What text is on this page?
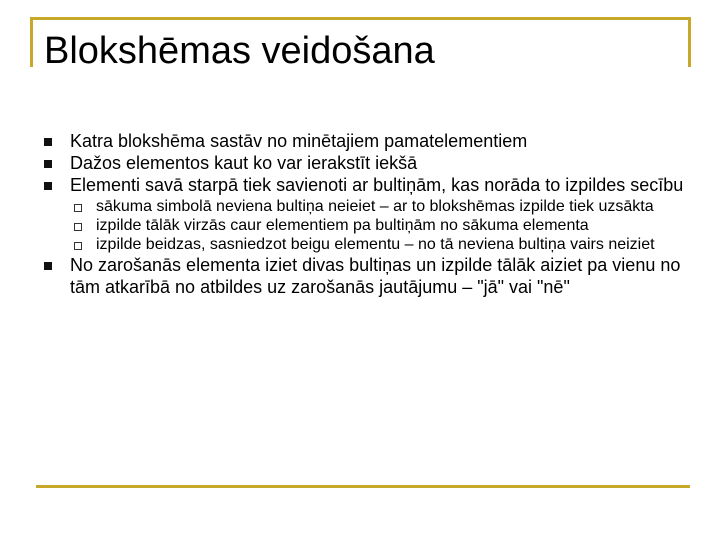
Blokshēmas veidošana
Katra blokshēma sastāv no minētajiem pamatelementiem
Dažos elementos kaut ko var ierakstīt iekšā
Elementi savā starpā tiek savienoti ar bultiņām, kas norāda to izpildes secību
sākuma simbolā neviena bultiņa neieiet – ar to blokshēmas izpilde tiek uzsākta
izpilde tālāk virzās caur elementiem pa bultiņām no sākuma elementa
izpilde beidzas, sasniedzot beigu elementu – no tā neviena bultiņa vairs neiziet
No zarošanās elementa iziet divas bultiņas un izpilde tālāk aiziet pa vienu no tām atkarībā no atbildes uz zarošanās jautājumu – "jā" vai "nē"
